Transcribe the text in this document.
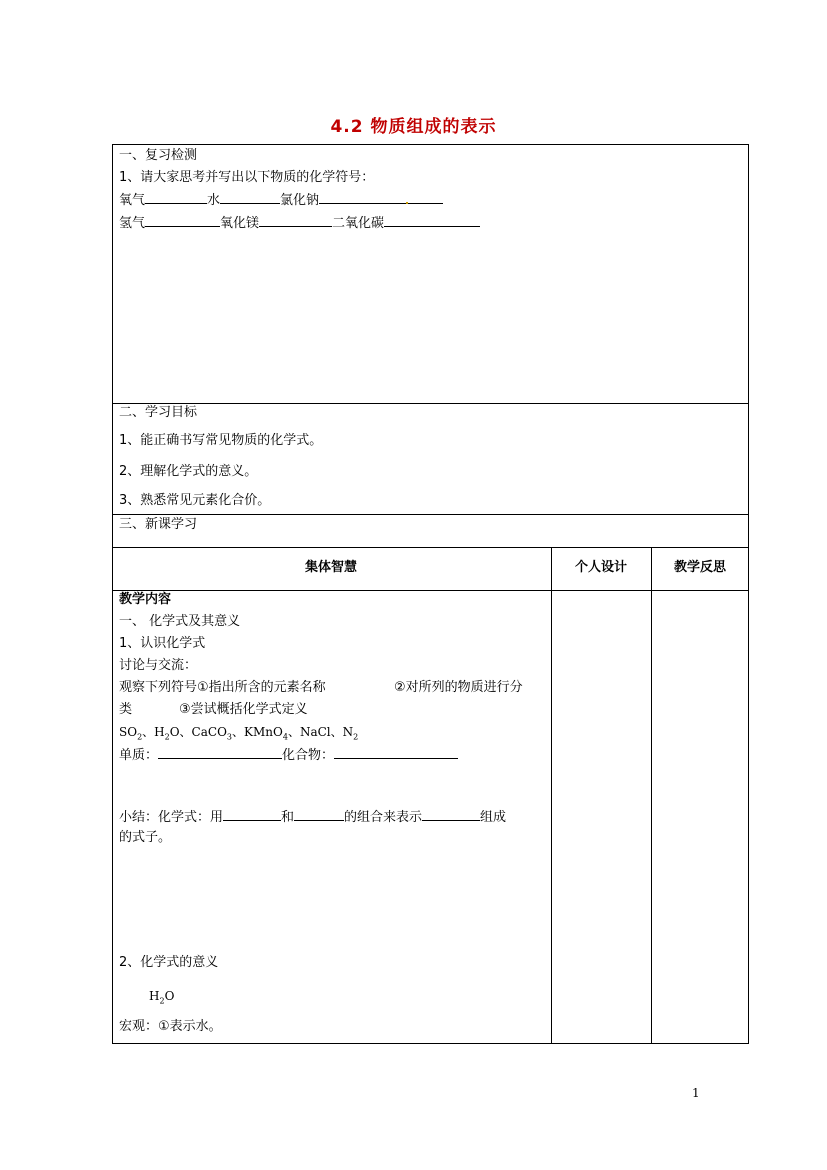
4.2 物质组成的表示
一、复习检测
1、请大家思考并写出以下物质的化学符号：
氧气	水	氯化钠
氢气	氧化镁	二氧化碳
二、学习目标
1、能正确书写常见物质的化学式。
2、理解化学式的意义。
3、熟悉常见元素化合价。
三、新课学习
集体智慧	个人设计	教学反思
教学内容
一、 化学式及其意义
1、认识化学式
讨论与交流：
观察下列符号①指出所含的元素名称	②对所列的物质进行分
类	③尝试概括化学式定义
$SO_2$、$H_2O$、CaCO$_3$、KMnO$_4$、NaCl、$N_2$
单质：	化合物：
小结：化学式：用	和	的组合来表示	组成
的式子。
2、化学式的意义
$H_2O$
宏观：①表示水。
1
